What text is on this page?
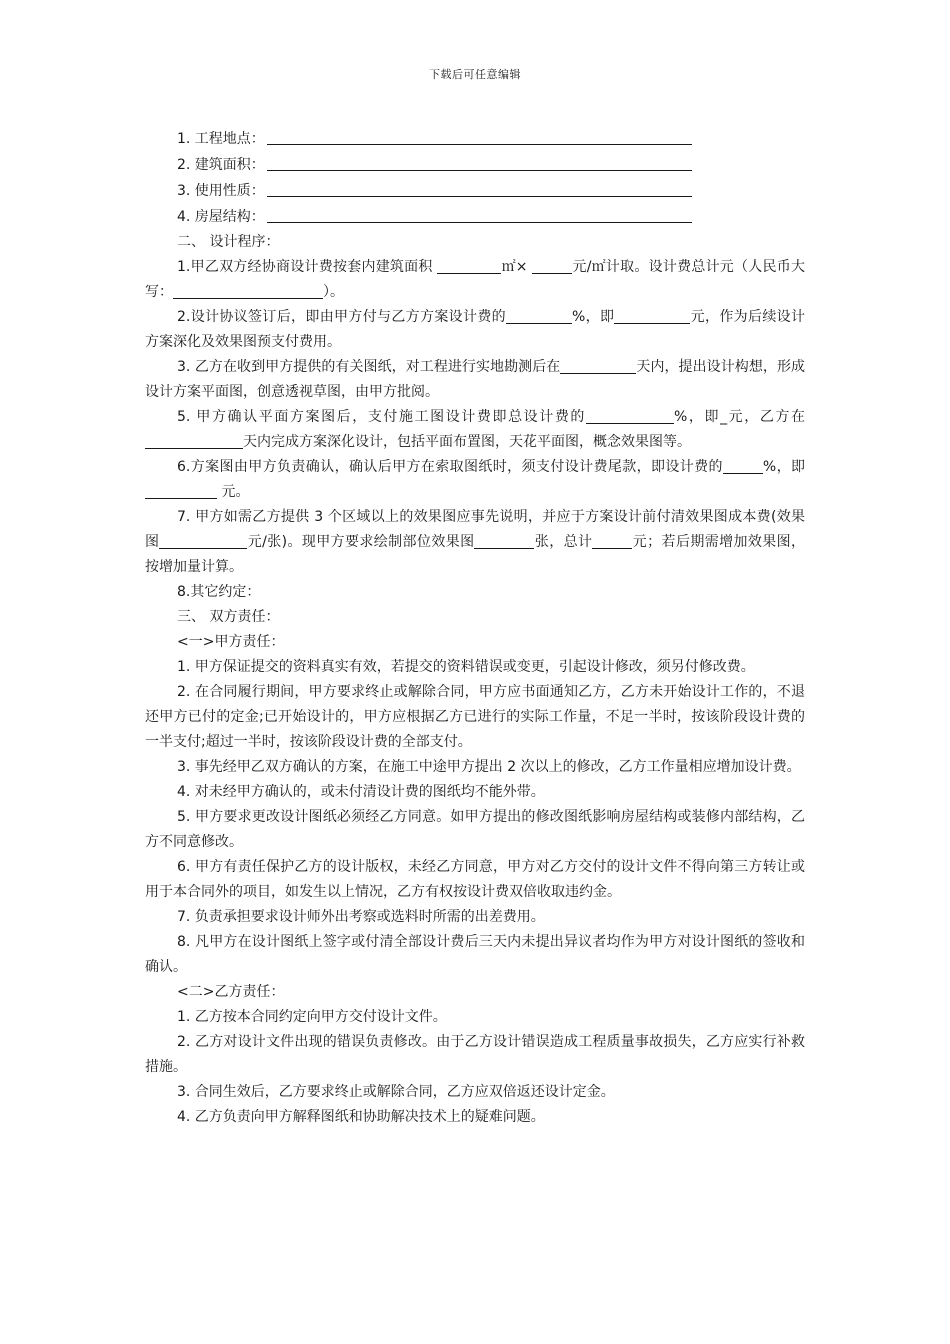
下载后可任意编辑
1. 工程地点：
2. 建筑面积：
3. 使用性质：
4. 房屋结构：

二、 设计程序：

1.甲乙双方经协商设计费按套内建筑面积	㎡×	元/㎡计取。设计费总计元（人民币大写：	）。

2.设计协议签订后，即由甲方付与乙方方案设计费的	%，即	元，作为后续设计方案深化及效果图预支付费用。

3. 乙方在收到甲方提供的有关图纸，对工程进行实地勘测后在	天内，提出设计构想，形成设计方案平面图，创意透视草图，由甲方批阅。

5. 甲方确认平面方案图后，支付施工图设计费即总设计费的	%，即_元，乙方在天内完成方案深化设计，包括平面布置图，天花平面图，概念效果图等。

6.方案图由甲方负责确认，确认后甲方在索取图纸时，须支付设计费尾款，即设计费的	%，即 元。

7. 甲方如需乙方提供 3 个区域以上的效果图应事先说明，并应于方案设计前付清效果图成本费(效果图	元/张)。现甲方要求绘制部位效果图	张，总计	元；若后期需增加效果图，按增加量计算。

8.其它约定：

三、 双方责任：

<一>甲方责任：

1. 甲方保证提交的资料真实有效，若提交的资料错误或变更，引起设计修改，须另付修改费。

2. 在合同履行期间，甲方要求终止或解除合同，甲方应书面通知乙方，乙方未开始设计工作的，不退还甲方已付的定金;已开始设计的，甲方应根据乙方已进行的实际工作量，不足一半时，按该阶段设计费的一半支付;超过一半时，按该阶段设计费的全部支付。

3. 事先经甲乙双方确认的方案，在施工中途甲方提出 2 次以上的修改，乙方工作量相应增加设计费。

4. 对未经甲方确认的，或未付清设计费的图纸均不能外带。

5. 甲方要求更改设计图纸必须经乙方同意。如甲方提出的修改图纸影响房屋结构或装修内部结构，乙方不同意修改。

6. 甲方有责任保护乙方的设计版权，未经乙方同意，甲方对乙方交付的设计文件不得向第三方转让或用于本合同外的项目，如发生以上情况，乙方有权按设计费双倍收取违约金。

7. 负责承担要求设计师外出考察或选料时所需的出差费用。

8. 凡甲方在设计图纸上签字或付清全部设计费后三天内未提出异议者均作为甲方对设计图纸的签收和确认。

<二>乙方责任：

1. 乙方按本合同约定向甲方交付设计文件。

2. 乙方对设计文件出现的错误负责修改。由于乙方设计错误造成工程质量事故损失，乙方应实行补救措施。

3. 合同生效后，乙方要求终止或解除合同，乙方应双倍返还设计定金。

4. 乙方负责向甲方解释图纸和协助解决技术上的疑难问题。
